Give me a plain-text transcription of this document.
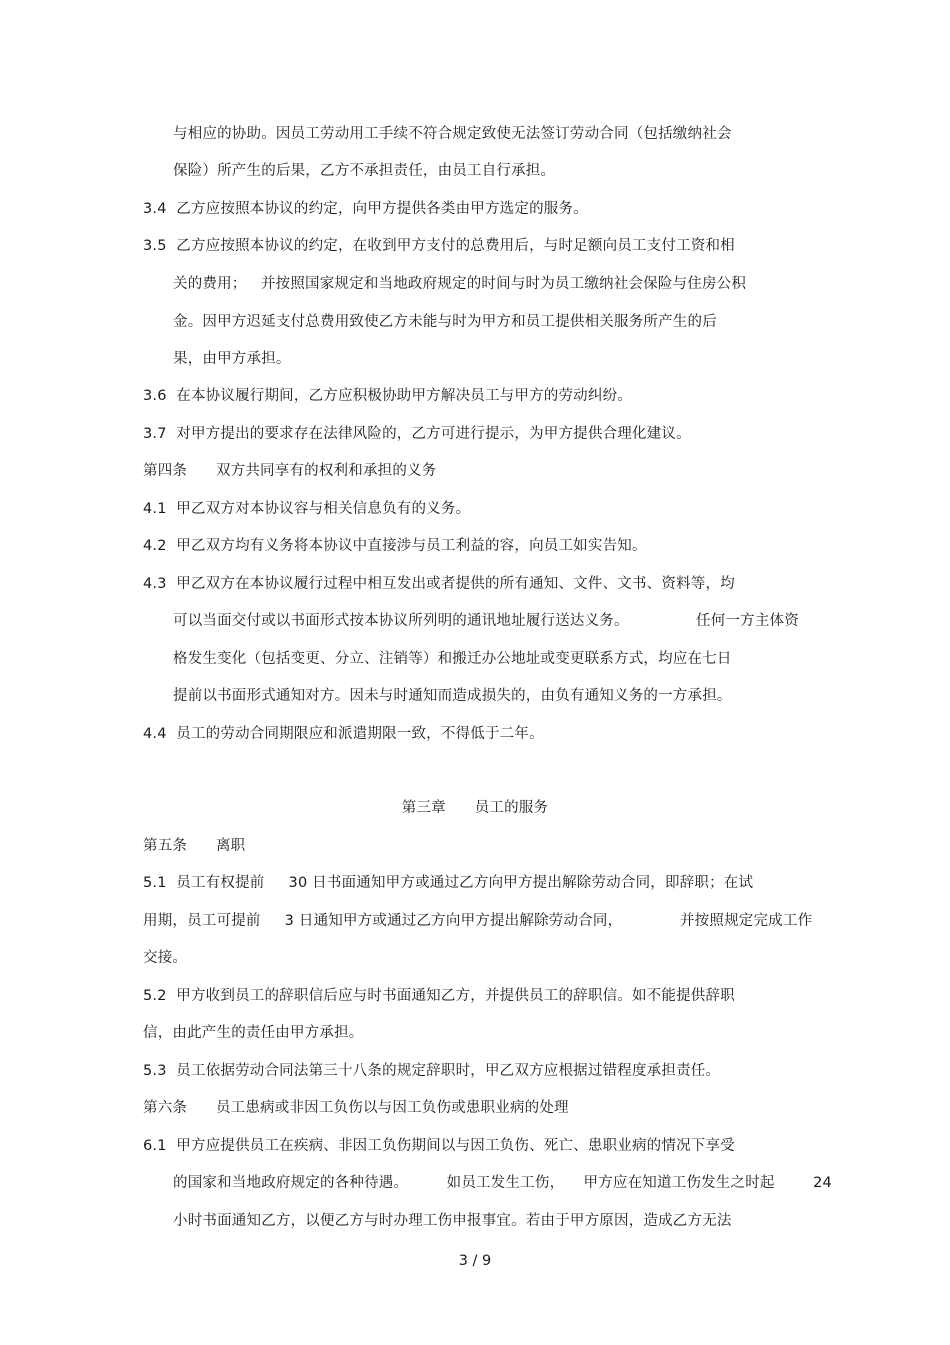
与相应的协助。因员工劳动用工手续不符合规定致使无法签订劳动合同（包括缴纳社会
保险）所产生的后果，乙方不承担责任，由员工自行承担。
3.4  乙方应按照本协议的约定，向甲方提供各类由甲方选定的服务。
3.5  乙方应按照本协议的约定，在收到甲方支付的总费用后，与时足额向员工支付工资和相
关的费用；   并按照国家规定和当地政府规定的时间与时为员工缴纳社会保险与住房公积
金。因甲方迟延支付总费用致使乙方未能与时为甲方和员工提供相关服务所产生的后
果，由甲方承担。
3.6  在本协议履行期间，乙方应积极协助甲方解决员工与甲方的劳动纠纷。
3.7  对甲方提出的要求存在法律风险的，乙方可进行提示，为甲方提供合理化建议。
第四条      双方共同享有的权利和承担的义务
4.1  甲乙双方对本协议容与相关信息负有的义务。
4.2  甲乙双方均有义务将本协议中直接涉与员工利益的容，向员工如实告知。
4.3  甲乙双方在本协议履行过程中相互发出或者提供的所有通知、文件、文书、资料等，均
可以当面交付或以书面形式按本协议所列明的通讯地址履行送达义务。              任何一方主体资
格发生变化（包括变更、分立、注销等）和搬迁办公地址或变更联系方式，均应在七日
提前以书面形式通知对方。因未与时通知而造成损失的，由负有通知义务的一方承担。
4.4  员工的劳动合同期限应和派遣期限一致，不得低于二年。
第三章      员工的服务
第五条      离职
5.1  员工有权提前     30 日书面通知甲方或通过乙方向甲方提出解除劳动合同，即辞职；在试
用期，员工可提前     3 日通知甲方或通过乙方向甲方提出解除劳动合同，            并按照规定完成工作
交接。
5.2  甲方收到员工的辞职信后应与时书面通知乙方，并提供员工的辞职信。如不能提供辞职
信，由此产生的责任由甲方承担。
5.3  员工依据劳动合同法第三十八条的规定辞职时，甲乙双方应根据过错程度承担责任。
第六条      员工患病或非因工负伤以与因工负伤或患职业病的处理
6.1  甲方应提供员工在疾病、非因工负伤期间以与因工负伤、死亡、患职业病的情况下享受
的国家和当地政府规定的各种待遇。        如员工发生工伤，    甲方应在知道工伤发生之时起        24
小时书面通知乙方，以便乙方与时办理工伤申报事宜。若由于甲方原因，造成乙方无法
3 / 9
